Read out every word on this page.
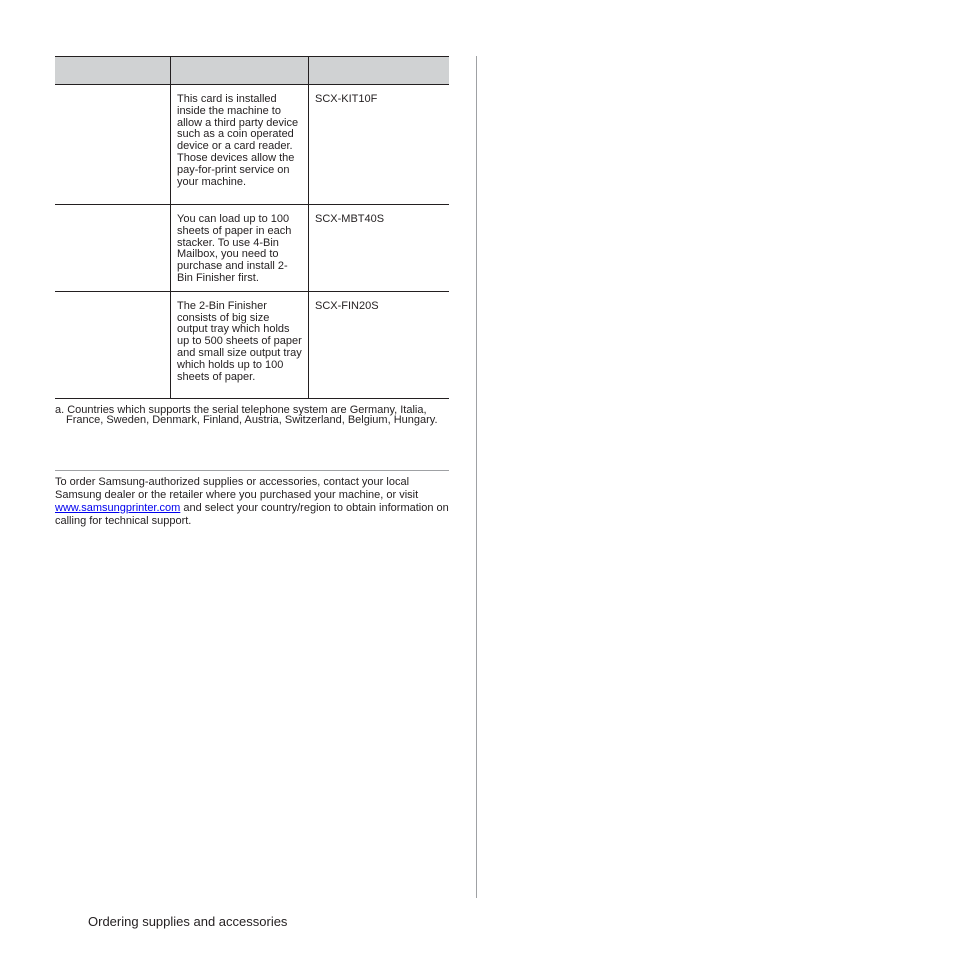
	This card is installed inside the machine to allow a third party device such as a coin operated device or a card reader. Those devices allow the pay-for-print service on your machine.	SCX-KIT10F
	You can load up to 100 sheets of paper in each stacker. To use 4-Bin Mailbox, you need to purchase and install 2-Bin Finisher first.	SCX-MBT40S
	The 2-Bin Finisher consists of big size output tray which holds up to 500 sheets of paper and small size output tray which holds up to 100 sheets of paper.	SCX-FIN20S
a. Countries which supports the serial telephone system are Germany, Italia, France, Sweden, Denmark, Finland, Austria, Switzerland, Belgium, Hungary.
To order Samsung-authorized supplies or accessories, contact your local Samsung dealer or the retailer where you purchased your machine, or visit www.samsungprinter.com and select your country/region to obtain information on calling for technical support.
Ordering supplies and accessories
